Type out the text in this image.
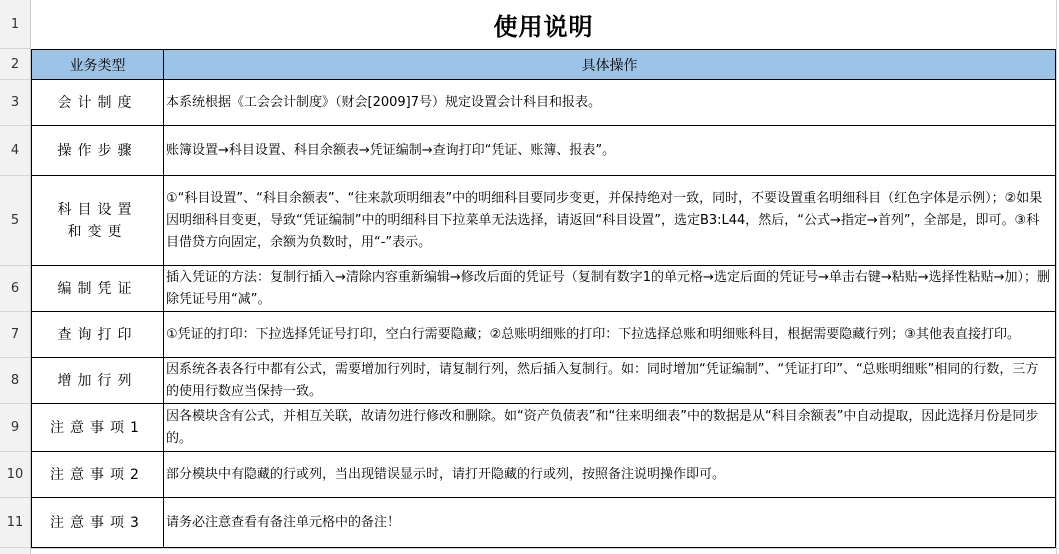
1
2
3
4
5
6
7
8
9
10
11
使用说明
业务类型	具体操作
会计制度 本系统根据《工会会计制度》（财会[2009]7号）规定设置会计科目和报表。
操作步骤 账簿设置→科目设置、科目余额表→凭证编制→查询打印“凭证、账簿、报表”。
科目设置和变更
①“科目设置”、“科目余额表”、“往来款项明细表”中的明细科目要同步变更，并保持绝对一致，同时，不要设置重名明细科目（红色字体是示例）；②如果因明细科目变更，导致“凭证编制”中的明细科目下拉菜单无法选择，请返回“科目设置”，选定B3:L44，然后，“公式→指定→首列”，全部是，即可。③科目借贷方向固定，余额为负数时，用“-”表示。
编制凭证
插入凭证的方法：复制行插入→清除内容重新编辑→修改后面的凭证号（复制有数字1的单元格→选定后面的凭证号→单击右键→粘贴→选择性粘贴→加）；删除凭证号用“减”。
查询打印 ①凭证的打印：下拉选择凭证号打印，空白行需要隐藏；②总账明细账的打印：下拉选择总账和明细账科目，根据需要隐藏行列；③其他表直接打印。
增加行列
因系统各表各行中都有公式，需要增加行列时，请复制行列，然后插入复制行。如：同时增加“凭证编制”、“凭证打印”、“总账明细账”相同的行数，三方的使用行数应当保持一致。
注意事项1
因各模块含有公式，并相互关联，故请勿进行修改和删除。如“资产负债表”和“往来明细表”中的数据是从“科目余额表”中自动提取，因此选择月份是同步的。
注意事项2 部分模块中有隐藏的行或列，当出现错误显示时，请打开隐藏的行或列，按照备注说明操作即可。
注意事项3 请务必注意查看有备注单元格中的备注！
